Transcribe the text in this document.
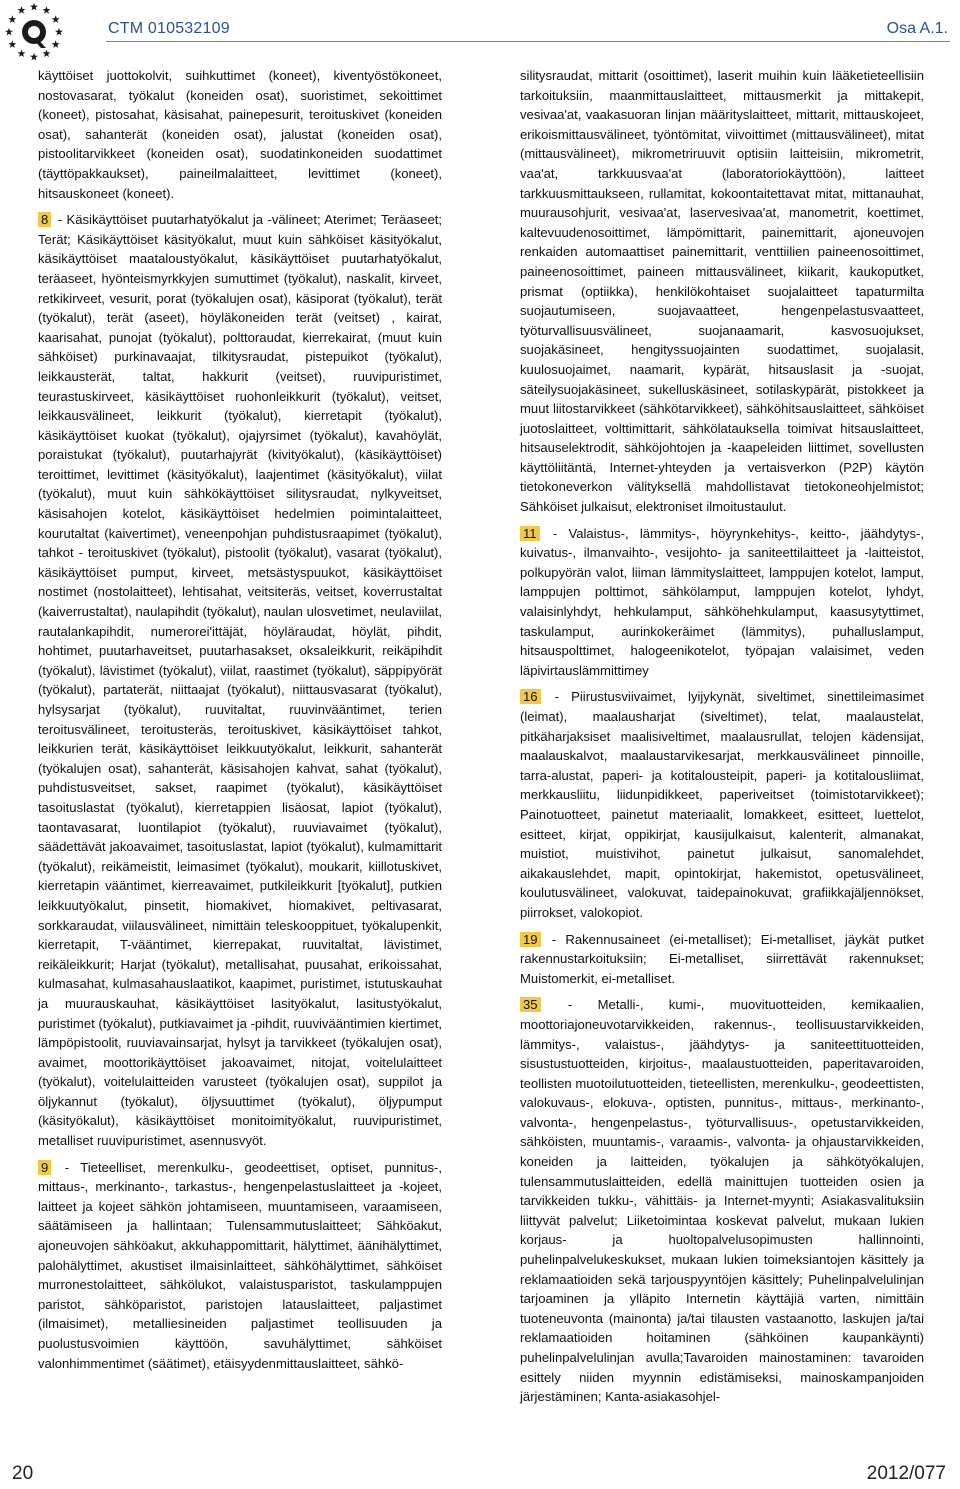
CTM 010532109	Osa A.1.

käyttöiset juottokolvit, suihkuttimet (koneet), kiventyöstökoneet, nostovasarat, työkalut (koneiden osat), suoristimet, sekoittimet (koneet), pistosahat, käsisahat, painepesurit, teroituskivet (koneiden osat), sahanterät (koneiden osat), jalustat (koneiden osat), pistoolitarvikkeet (koneiden osat), suodatinkoneiden suodattimet (täyttöpakkaukset), paineilmalaitteet, levittimet (koneet), hitsauskoneet (koneet).

8 - Käsikäyttöiset puutarhatyökalut ja -välineet; Aterimet; Teräaseet; Terät; Käsikäyttöiset käsityökalut, muut kuin sähköiset käsityökalut, käsikäyttöiset maataloustyökalut, käsikäyttöiset puutarhatyökalut, teräaseet, hyönteismyrkkyjen sumuttimet (työkalut), naskalit, kirveet, retkikirveet, vesurit, porat (työkalujen osat), käsiporat (työkalut), terät (työkalut), terät (aseet), höyläkoneiden terät (veitset) , kairat, kaarisahat, punojat (työkalut), polttoraudat, kierrekairat, (muut kuin sähköiset) purkinavaajat, tilkitysraudat, pistepuikot (työkalut), leikkausterät, taltat, hakkurit (veitset), ruuvipuristimet, teurastuskirveet, käsikäyttöiset ruohonleikkurit (työkalut), veitset, leikkausvälineet, leikkurit (työkalut), kierretapit (työkalut), käsikäyttöiset kuokat (työkalut), ojajyrsimet (työkalut), kavahöylät, poraistukat (työkalut), puutarhajyrät (kivityökalut), (käsikäyttöiset) teroittimet, levittimet (käsityökalut), laajentimet (käsityökalut), viilat (työkalut), muut kuin sähkökäyttöiset silitysraudat, nylkyveitset, käsisahojen kotelot, käsikäyttöiset hedelmien poimintalaitteet, kourutaltat (kaivertimet), veneenpohjan puhdistusraapimet (työkalut), tahkot - teroituskivet (työkalut), pistoolit (työkalut), vasarat (työkalut), käsikäyttöiset pumput, kirveet, metsästyspuukot, käsikäyttöiset nostimet (nostolaitteet), lehtisahat, veitsiteräs, veitset, koverrustaltat (kaiverrustaltat), naulapihdit (työkalut), naulan ulosvetimet, neulaviilat, rautalankapihdit, numerorei'ittäjät, höyläraudat, höylät, pihdit, hohtimet, puutarhaveitset, puutarhasakset, oksaleikkurit, reikäpihdit (työkalut), lävistimet (työkalut), viilat, raastimet (työkalut), säppipyörät (työkalut), partaterät, niittaajat (työkalut), niittausvasarat (työkalut), hylsysarjat (työkalut), ruuvitaltat, ruuvinvääntimet, terien teroitusvälineet, teroitusteräs, teroituskivet, käsikäyttöiset tahkot, leikkurien terät, käsikäyttöiset leikkuutyökalut, leikkurit, sahanterät (työkalujen osat), sahanterät, käsisahojen kahvat, sahat (työkalut), puhdistusveitset, sakset, raapimet (työkalut), käsikäyttöiset tasoituslastat (työkalut), kierretappien lisäosat, lapiot (työkalut), taontavasarat, luontilapiot (työkalut), ruuviavaimet (työkalut), säädettävät jakoavaimet, tasoituslastat, lapiot (työkalut), kulmamittarit (työkalut), reikämeistit, leimasimet (työkalut), moukarit, kiillotuskivet, kierretapin vääntimet, kierreavaimet, putkileikkurit [työkalut], putkien leikkuutyökalut, pinsetit, hiomakivet, hiomakivet, peltivasarat, sorkkaraudat, viilausvälineet, nimittäin teleskooppituet, työkalupenkit, kierretapit, T-vääntimet, kierrepakat, ruuvitaltat, lävistimet, reikäleikkurit; Harjat (työkalut), metallisahat, puusahat, erikoissahat, kulmasahat, kulmasahauslaatikot, kaapimet, puristimet, istutuskauhat ja muurauskauhat, käsikäyttöiset lasityökalut, lasitustyökalut, puristimet (työkalut), putkiavaimet ja -pihdit, ruuvivääntimien kiertimet, lämpöpistoolit, ruuviavainsarjat, hylsyt ja tarvikkeet (työkalujen osat), avaimet, moottorikäyttöiset jakoavaimet, nitojat, voitelulaitteet (työkalut), voitelulaitteiden varusteet (työkalujen osat), suppilot ja öljykannut (työkalut), öljysuuttimet (työkalut), öljypumput (käsityökalut), käsikäyttöiset monitoimityökalut, ruuvipuristimet, metalliset ruuvipuristimet, asennusvyöt.

9 - Tieteelliset, merenkulku-, geodeettiset, optiset, punnitus-, mittaus-, merkinanto-, tarkastus-, hengenpelastuslaitteet ja -kojeet, laitteet ja kojeet sähkön johtamiseen, muuntamiseen, varaamiseen, säätämiseen ja hallintaan; Tulensammutuslaitteet; Sähköakut, ajoneuvojen sähköakut, akkuhappomittarit, hälyttimet, äänihälyttimet, palohälyttimet, akustiset ilmaisinlaitteet, sähköhälyttimet, sähköiset murronestolaitteet, sähkölukot, valaistusparistot, taskulamppujen paristot, sähköparistot, paristojen latauslaitteet, paljastimet (ilmaisimet), metalliesineiden paljastimet teollisuuden ja puolustusvoimien käyttöön, savuhälyttimet, sähköiset valonhimmentimet (säätimet), etäisyydenmittauslaitteet, sähkö-

silitysraudat, mittarit (osoittimet), laserit muihin kuin lääketieteellisiin tarkoituksiin, maanmittauslaitteet, mittausmerkit ja mittakepit, vesivaa'at, vaakasuoran linjan määrityslaitteet, mittarit, mittauskojeet, erikoismittausvälineet, työntömitat, viivoittimet (mittausvälineet), mitat (mittausvälineet), mikrometriruuvit optisiin laitteisiin, mikrometrit, vaa'at, tarkkuusvaa'at (laboratoriokäyttöön), laitteet tarkkuusmittaukseen, rullamitat, kokoontaitettavat mitat, mittanauhat, muurausohjurit, vesivaa'at, laservesivaa'at, manometrit, koettimet, kaltevuudenosoittimet, lämpömittarit, painemittarit, ajoneuvojen renkaiden automaattiset painemittarit, venttiilien paineenosoittimet, paineenosoittimet, paineen mittausvälineet, kiikarit, kaukoputket, prismat (optiikka), henkilökohtaiset suojalaitteet tapaturmilta suojautumiseen, suojavaatteet, hengenpelastusvaatteet, työturvallisuusvälineet, suojanaamarit, kasvosuojukset, suojakäsineet, hengityssuojainten suodattimet, suojalasit, kuulosuojaimet, naamarit, kypärät, hitsauslasit ja -suojat, säteilysuojakäsineet, sukelluskäsineet, sotilaskypärät, pistokkeet ja muut liitostarvikkeet (sähkötarvikkeet), sähköhitsauslaitteet, sähköiset juotoslaitteet, volttimittarit, sähkölatauksella toimivat hitsauslaitteet, hitsauselektrodit, sähköjohtojen ja -kaapeleiden liittimet, sovellusten käyttöliitäntä, Internet-yhteyden ja vertaisverkon (P2P) käytön tietokoneverkon välityksellä mahdollistavat tietokoneohjelmistot; Sähköiset julkaisut, elektroniset ilmoitustaulut.

11 - Valaistus-, lämmitys-, höyrynkehitys-, keitto-, jäähdytys-, kuivatus-, ilmanvaihto-, vesijohto- ja saniteettilaitteet ja -laitteistot, polkupyörän valot, liiman lämmityslaitteet, lamppujen kotelot, lamput, lamppujen polttimot, sähkölamput, lamppujen kotelot, lyhdyt, valaisinlyhdyt, hehkulamput, sähköhehkulamput, kaasusytyttimet, taskulamput, aurinkokeräimet (lämmitys), puhalluslamput, hitsauspolttimet, halogeenikotelot, työpajan valaisimet, veden läpivirtauslämmittimey

16 - Piirustusviivaimet, lyijykynät, siveltimet, sinettileimasimet (leimat), maalausharjat (siveltimet), telat, maalaustelat, pitkäharjaksiset maalisiveltimet, maalausrullat, telojen kädensijat, maalauskalvot, maalaustarvikesarjat, merkkausvälineet pinnoille, tarra-alustat, paperi- ja kotitalousteipit, paperi- ja kotitalousliimat, merkkausliitu, liidunpidikkeet, paperiveitset (toimistotarvikkeet); Painotuotteet, painetut materiaalit, lomakkeet, esitteet, luettelot, esitteet, kirjat, oppikirjat, kausijulkaisut, kalenterit, almanakat, muistiot, muistivihot, painetut julkaisut, sanomalehdet, aikakauslehdet, mapit, opintokirjat, hakemistot, opetusvälineet, koulutusvälineet, valokuvat, taidepainokuvat, grafiikkajäljennökset, piirrokset, valokopiot.

19 - Rakennusaineet (ei-metalliset); Ei-metalliset, jäykät putket rakennustarkoituksiin; Ei-metalliset, siirrettävät rakennukset; Muistomerkit, ei-metalliset.

35 - Metalli-, kumi-, muovituotteiden, kemikaalien, moottoriajoneuvotarvikkeiden, rakennus-, teollisuustarvikkeiden, lämmitys-, valaistus-, jäähdytys- ja saniteettituotteiden, sisustustuotteiden, kirjoitus-, maalaustuotteiden, paperitavaroiden, teollisten muotoilutuotteiden, tieteellisten, merenkulku-, geodeettisten, valokuvaus-, elokuva-, optisten, punnitus-, mittaus-, merkinanto-, valvonta-, hengenpelastus-, työturvallisuus-, opetustarvikkeiden, sähköisten, muuntamis-, varaamis-, valvonta- ja ohjaustarvikkeiden, koneiden ja laitteiden, työkalujen ja sähkötyökalujen, tulensammutuslaitteiden, edellä mainittujen tuotteiden osien ja tarvikkeiden tukku-, vähittäis- ja Internet-myynti; Asiakasvalituksiin liittyvät palvelut; Liiketoimintaa koskevat palvelut, mukaan lukien korjaus- ja huoltopalvelusopimusten hallinnointi, puhelinpalvelukeskukset, mukaan lukien toimeksiantojen käsittely ja reklamaatioiden sekä tarjouspyyntöjen käsittely; Puhelinpalvelulinjan tarjoaminen ja ylläpito Internetin käyttäjiä varten, nimittäin tuoteneuvonta (mainonta) ja/tai tilausten vastaanotto, laskujen ja/tai reklamaatioiden hoitaminen (sähköinen kaupankäynti) puhelinpalvelulinjan avulla;Tavaroiden mainostaminen: tavaroiden esittely niiden myynnin edistämiseksi, mainoskampanjoiden järjestäminen; Kanta-asiakasohjel-

20	2012/077
